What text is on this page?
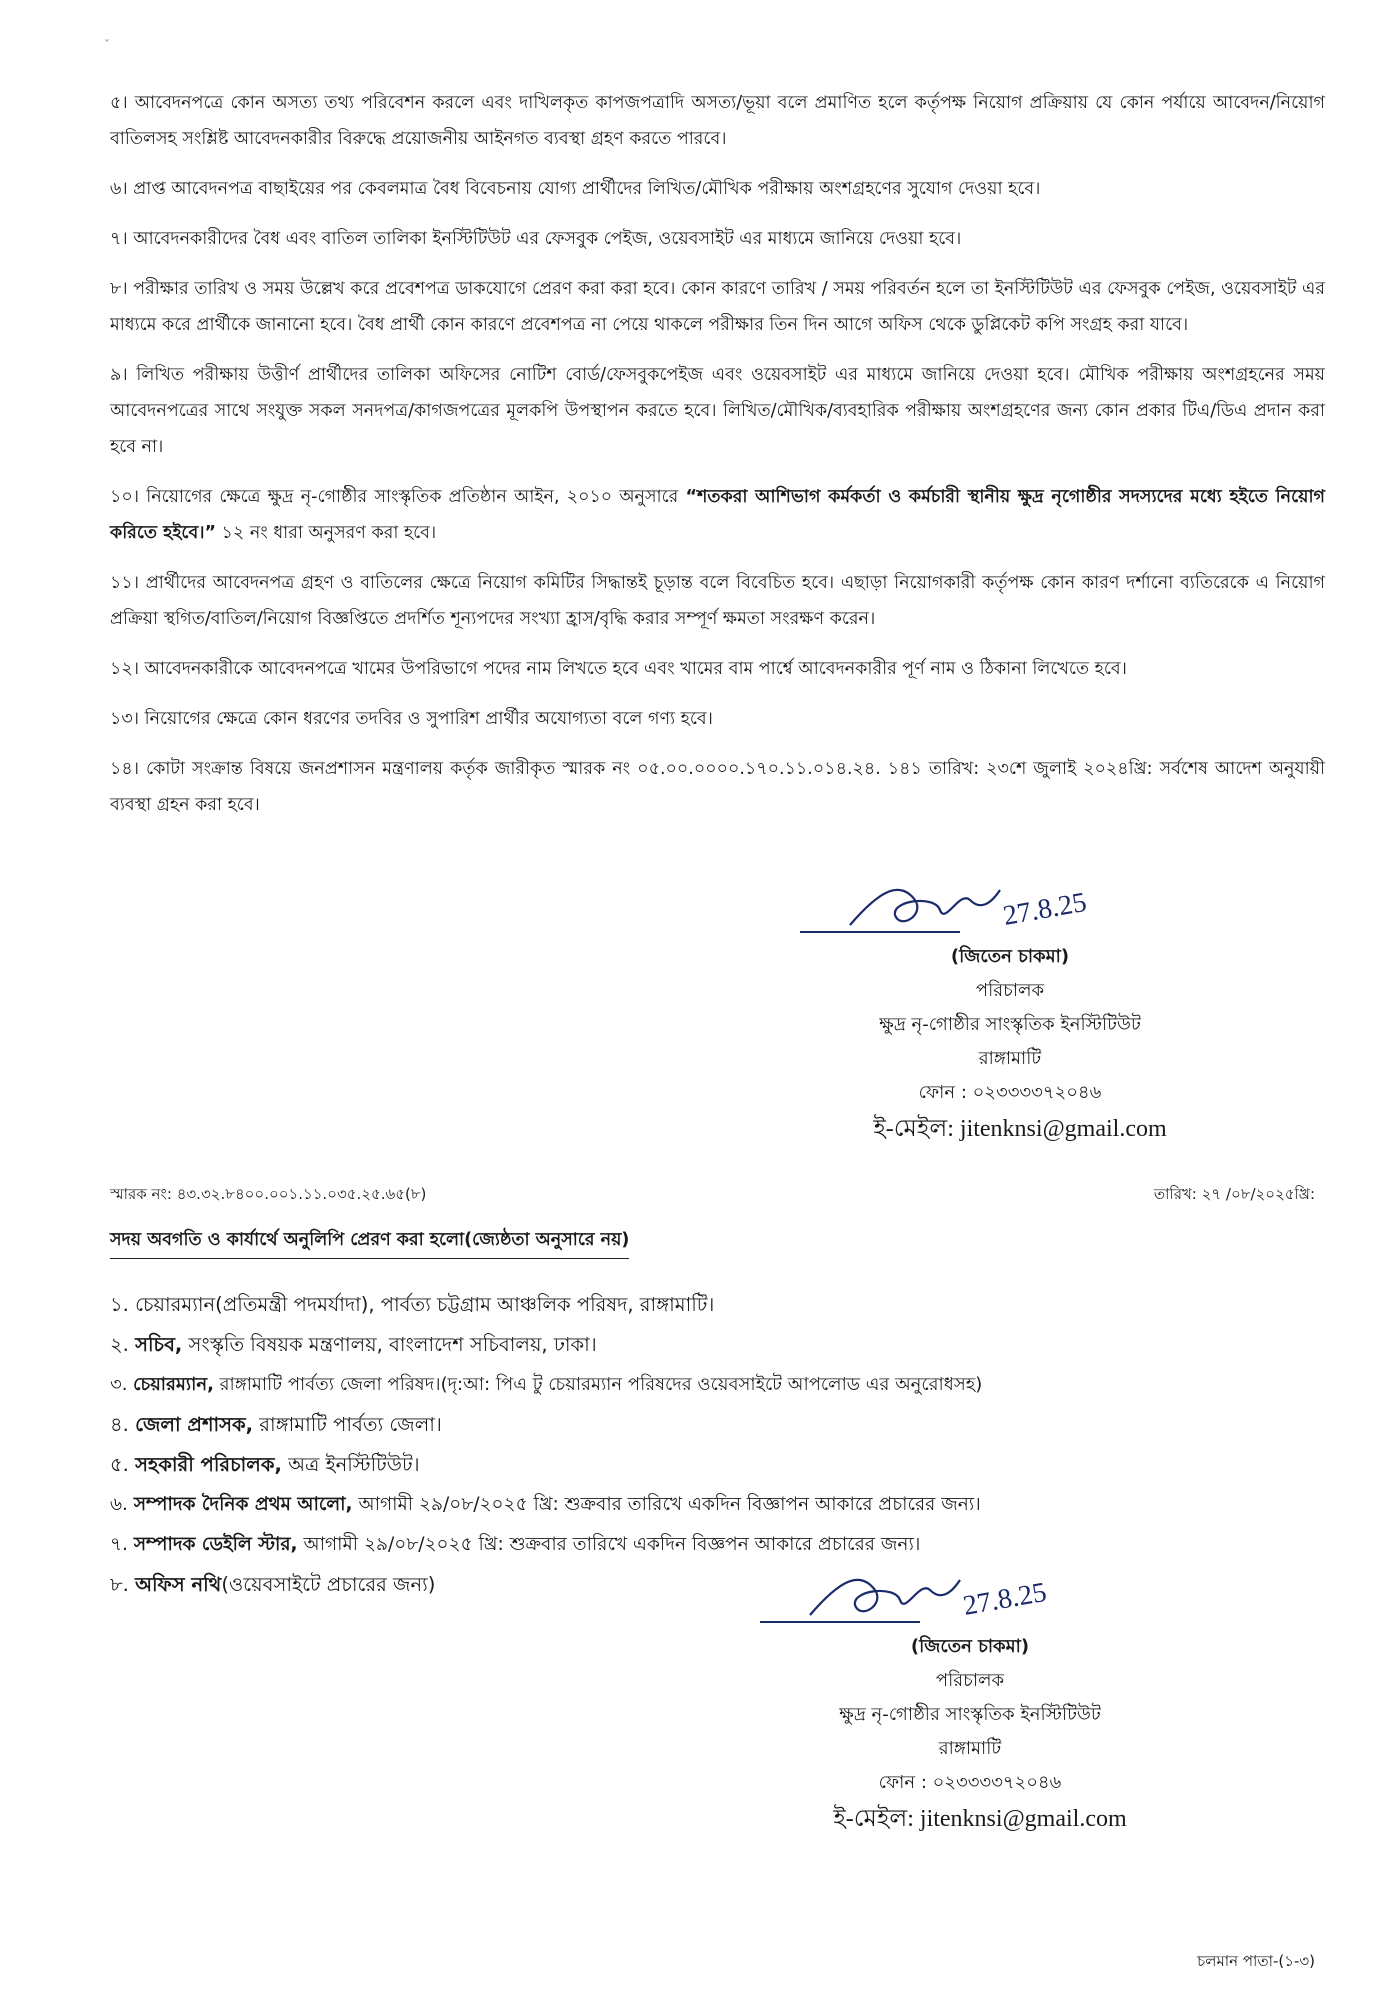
ˇ

৫। আবেদনপত্রে কোন অসত্য তথ্য পরিবেশন করলে এবং দাখিলকৃত কাপজপত্রাদি অসত্য/ভূয়া বলে প্রমাণিত হলে কর্তৃপক্ষ নিয়োগ প্রক্রিয়ায় যে কোন পর্যায়ে আবেদন/নিয়োগ বাতিলসহ সংশ্লিষ্ট আবেদনকারীর বিরুদ্ধে প্রয়োজনীয় আইনগত ব্যবস্থা গ্রহণ করতে পারবে।

৬। প্রাপ্ত আবেদনপত্র বাছাইয়ের পর কেবলমাত্র বৈধ বিবেচনায় যোগ্য প্রার্থীদের লিখিত/মৌখিক পরীক্ষায় অংশগ্রহণের সুযোগ দেওয়া হবে।

৭। আবেদনকারীদের বৈধ এবং বাতিল তালিকা ইনস্টিটিউট এর ফেসবুক পেইজ, ওয়েবসাইট এর মাধ্যমে জানিয়ে দেওয়া হবে।

৮। পরীক্ষার তারিখ ও সময় উল্লেখ করে প্রবেশপত্র ডাকযোগে প্রেরণ করা করা হবে। কোন কারণে তারিখ / সময় পরিবর্তন হলে তা ইনস্টিটিউট এর ফেসবুক পেইজ, ওয়েবসাইট এর মাধ্যমে করে প্রার্থীকে জানানো হবে। বৈধ প্রার্থী কোন কারণে প্রবেশপত্র না পেয়ে থাকলে পরীক্ষার তিন দিন আগে অফিস থেকে ডুপ্লিকেট কপি সংগ্রহ করা যাবে।

৯। লিখিত পরীক্ষায় উত্তীর্ণ প্রার্থীদের তালিকা অফিসের নোটিশ বোর্ড/ফেসবুকপেইজ এবং ওয়েবসাইট এর মাধ্যমে জানিয়ে দেওয়া হবে। মৌখিক পরীক্ষায় অংশগ্রহনের সময় আবেদনপত্রের সাথে সংযুক্ত সকল সনদপত্র/কাগজপত্রের মূলকপি উপস্থাপন করতে হবে। লিখিত/মৌখিক/ব্যবহারিক পরীক্ষায় অংশগ্রহণের জন্য কোন প্রকার টিএ/ডিএ প্রদান করা হবে না।

১০। নিয়োগের ক্ষেত্রে ক্ষুদ্র নৃ-গোষ্ঠীর সাংস্কৃতিক প্রতিষ্ঠান আইন, ২০১০ অনুসারে “শতকরা আশিভাগ কর্মকর্তা ও কর্মচারী স্থানীয় ক্ষুদ্র নৃগোষ্ঠীর সদস্যদের মধ্যে হইতে নিয়োগ করিতে হইবে।” ১২ নং ধারা অনুসরণ করা হবে।

১১। প্রার্থীদের আবেদনপত্র গ্রহণ ও বাতিলের ক্ষেত্রে নিয়োগ কমিটির সিদ্ধান্তই চূড়ান্ত বলে বিবেচিত হবে। এছাড়া নিয়োগকারী কর্তৃপক্ষ কোন কারণ দর্শানো ব্যতিরেকে এ নিয়োগ প্রক্রিয়া স্থগিত/বাতিল/নিয়োগ বিজ্ঞপ্তিতে প্রদর্শিত শূন্যপদের সংখ্যা হ্রাস/বৃদ্ধি করার সম্পূর্ণ ক্ষমতা সংরক্ষণ করেন।

১২। আবেদনকারীকে আবেদনপত্রে খামের উপরিভাগে পদের নাম লিখতে হবে এবং খামের বাম পার্শ্বে আবেদনকারীর পূর্ণ নাম ও ঠিকানা লিখেতে হবে।

১৩। নিয়োগের ক্ষেত্রে কোন ধরণের তদবির ও সুপারিশ প্রার্থীর অযোগ্যতা বলে গণ্য হবে।

১৪। কোটা সংক্রান্ত বিষয়ে জনপ্রশাসন মন্ত্রণালয় কর্তৃক জারীকৃত স্মারক নং ০৫.০০.০০০০.১৭০.১১.০১৪.২৪. ১৪১ তারিখ: ২৩শে জুলাই ২০২৪খ্রি: সর্বশেষ আদেশ অনুযায়ী ব্যবস্থা গ্রহন করা হবে।

27.8.25
(জিতেন চাকমা)
পরিচালক
ক্ষুদ্র নৃ-গোষ্ঠীর সাংস্কৃতিক ইনস্টিটিউট
রাঙ্গামাটি
ফোন : ০২৩৩৩৩৭২০৪৬
ই-মেইল: jitenknsi@gmail.com
স্মারক নং: ৪৩.৩২.৮৪০০.০০১.১১.০৩৫.২৫.৬৫(৮)	তারিখ: ২৭ /০৮/২০২৫খ্রি:
সদয় অবগতি ও কার্যার্থে অনুলিপি প্রেরণ করা হলো(জ্যেষ্ঠতা অনুসারে নয়)
১. চেয়ারম্যান(প্রতিমন্ত্রী পদমর্যাদা), পার্বত্য চট্টগ্রাম আঞ্চলিক পরিষদ, রাঙ্গামাটি।
২. সচিব, সংস্কৃতি বিষয়ক মন্ত্রণালয়, বাংলাদেশ সচিবালয়, ঢাকা।
৩. চেয়ারম্যান, রাঙ্গামাটি পার্বত্য জেলা পরিষদ।(দৃ:আ: পিএ টু চেয়ারম্যান পরিষদের ওয়েবসাইটে আপলোড এর অনুরোধসহ)
৪. জেলা প্রশাসক, রাঙ্গামাটি পার্বত্য জেলা।
৫. সহকারী পরিচালক, অত্র ইনস্টিটিউট।
৬. সম্পাদক দৈনিক প্রথম আলো, আগামী ২৯/০৮/২০২৫ খ্রি: শুক্রবার তারিখে একদিন বিজ্ঞাপন আকারে প্রচারের জন্য।
৭. সম্পাদক ডেইলি স্টার, আগামী ২৯/০৮/২০২৫ খ্রি: শুক্রবার তারিখে একদিন বিজ্ঞপন আকারে প্রচারের জন্য।
৮. অফিস নথি(ওয়েবসাইটে প্রচারের জন্য)	27.8.25
(জিতেন চাকমা)
পরিচালক
ক্ষুদ্র নৃ-গোষ্ঠীর সাংস্কৃতিক ইনস্টিটিউট
রাঙ্গামাটি
ফোন : ০২৩৩৩৩৭২০৪৬
ই-মেইল: jitenknsi@gmail.com
চলমান পাতা-(১-৩)
